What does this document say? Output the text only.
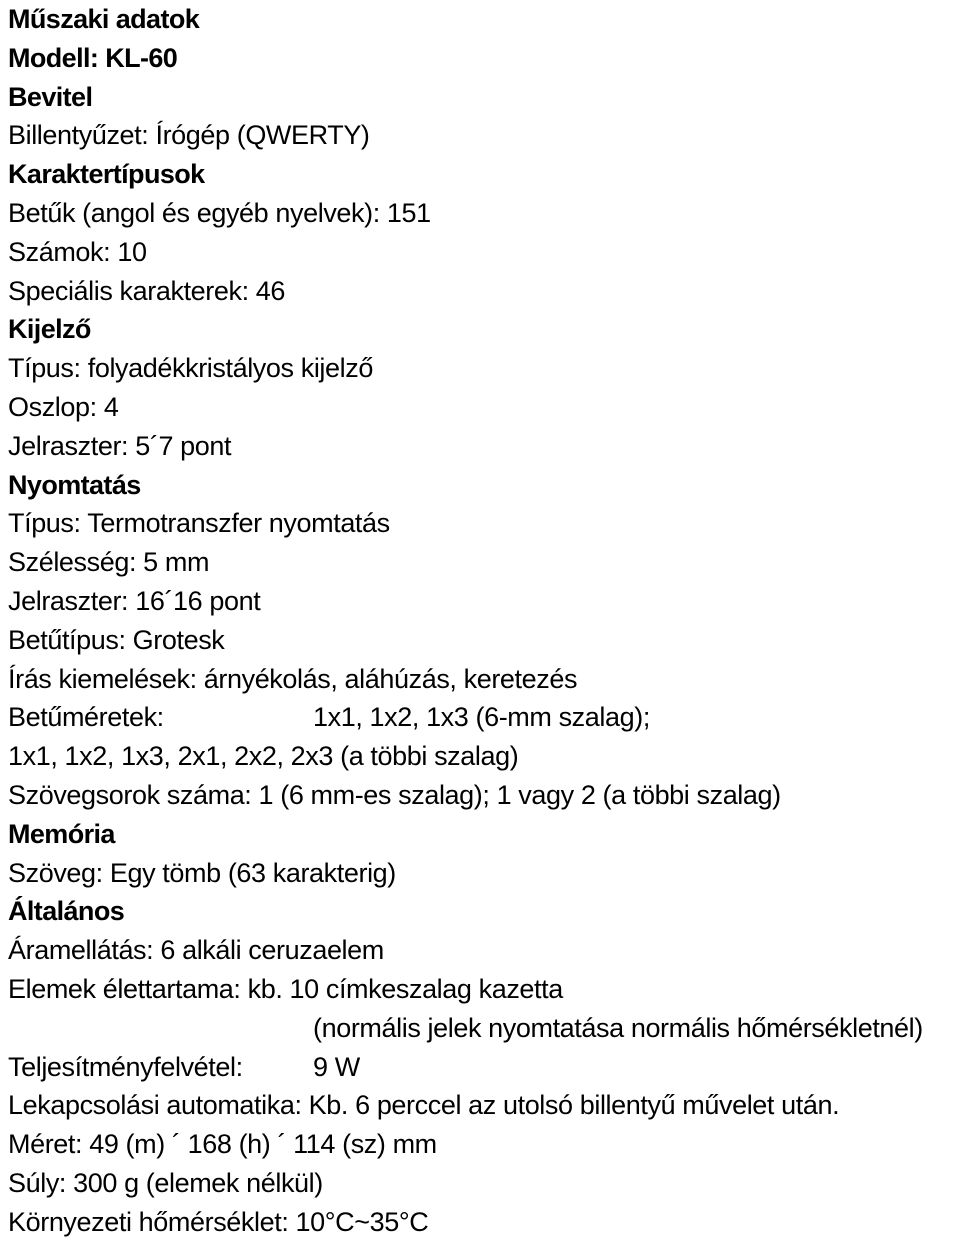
Műszaki adatok
Modell: KL-60
Bevitel
Billentyűzet: Írógép (QWERTY)
Karaktertípusok
Betűk (angol és egyéb nyelvek): 151
Számok: 10
Speciális karakterek: 46
Kijelző
Típus: folyadékkristályos kijelző
Oszlop: 4
Jelraszter: 5´7 pont
Nyomtatás
Típus: Termotranszfer nyomtatás
Szélesség: 5 mm
Jelraszter: 16´16 pont
Betűtípus: Grotesk
Írás kiemelések: árnyékolás, aláhúzás, keretezés
Betűméretek:	1x1, 1x2, 1x3 (6-mm szalag);
1x1, 1x2, 1x3, 2x1, 2x2, 2x3 (a többi szalag)
Szövegsorok száma: 1 (6 mm-es szalag); 1 vagy 2 (a többi szalag)
Memória
Szöveg: Egy tömb (63 karakterig)
Általános
Áramellátás: 6 alkáli ceruzaelem
Elemek élettartama: kb. 10 címkeszalag kazetta
(normális jelek nyomtatása normális hőmérsékletnél)
Teljesítményfelvétel:	9 W
Lekapcsolási automatika: Kb. 6 perccel az utolsó billentyű művelet után.
Méret: 49 (m) ´ 168 (h) ´ 114 (sz) mm
Súly: 300 g (elemek nélkül)
Környezeti hőmérséklet: 10°C~35°C
